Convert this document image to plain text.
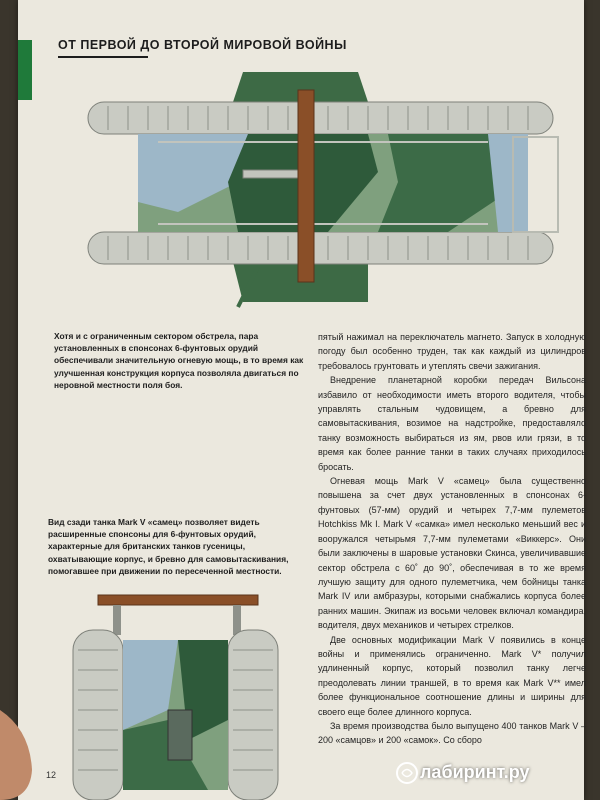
ОТ ПЕРВОЙ ДО ВТОРОЙ МИРОВОЙ ВОЙНЫ

Хотя и с ограниченным сектором обстрела, пара установленных в спонсонах 6-фунтовых орудий обеспечивали значительную огневую мощь, в то время как улучшенная конструкция корпуса позволяла двигаться по неровной местности поля боя.

Вид сзади танка Mark V «самец» позволяет видеть расширенные спонсоны для 6-фунтовых орудий, характерные для британских танков гусеницы, охватывающие корпус, и бревно для самовытаскивания, помогавшее при движении по пересеченной местности.

пятый нажимал на переключатель магнето. Запуск в холодную погоду был особенно труден, так как каждый из цилиндров требовалось грунтовать и утеплять свечи зажигания.

Внедрение планетарной коробки передач Вильсона избавило от необходимости иметь второго водителя, чтобы управлять стальным чудовищем, а бревно для самовытаскивания, возимое на надстройке, предоставляло танку возможность выбираться из ям, рвов или грязи, в то время как более ранние танки в таких случаях приходилось бросать.

Огневая мощь Mark V «самец» была существенно повышена за счет двух установленных в спонсонах 6-фунтовых (57-мм) орудий и четырех 7,7-мм пулеметов Hotchkiss Mk I. Mark V «самка» имел несколько меньший вес и вооружался четырьмя 7,7-мм пулеметами «Виккерс». Они были заключены в шаровые установки Скинса, увеличивавшие сектор обстрела с 60˚ до 90˚, обеспечивая в то же время лучшую защиту для одного пулеметчика, чем бойницы танка Mark IV или амбразуры, которыми снабжались корпуса более ранних машин. Экипаж из восьми человек включал командира, водителя, двух механиков и четырех стрелков.

Две основных модификации Mark V появились в конце войны и применялись ограниченно. Mark V* получил удлиненный корпус, который позволил танку легче преодолевать линии траншей, в то время как Mark V** имел более функциональное соотношение длины и ширины для своего еще более длинного корпуса.

За время производства было выпущено 400 танков Mark V – 200 «самцов» и 200 «самок». Со сборо

12	лабиринт.ру
